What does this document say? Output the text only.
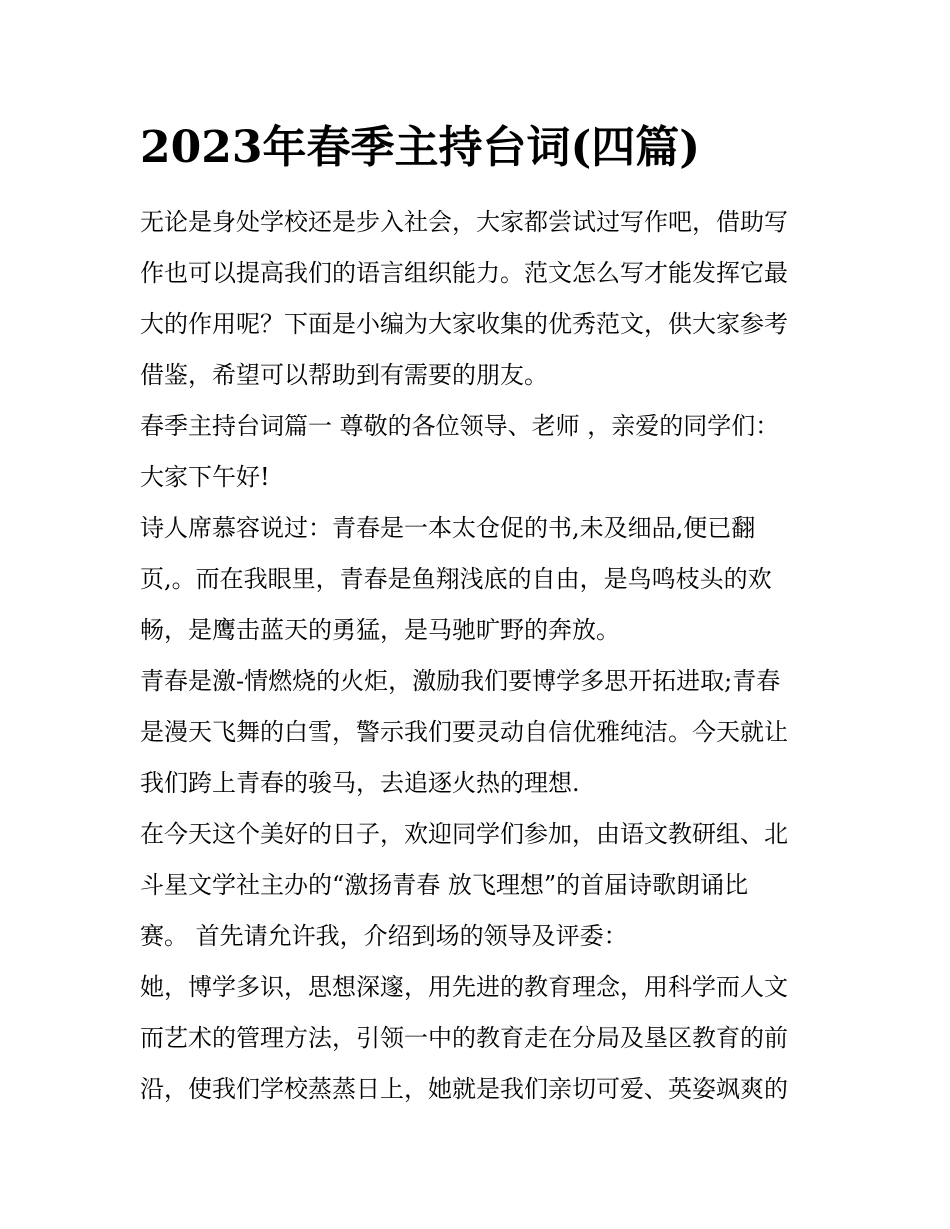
2023年春季主持台词(四篇)

无论是身处学校还是步入社会，大家都尝试过写作吧，借助写

作也可以提高我们的语言组织能力。范文怎么写才能发挥它最

大的作用呢？下面是小编为大家收集的优秀范文，供大家参考

借鉴，希望可以帮助到有需要的朋友。

春季主持台词篇一 尊敬的各位领导、老师 ，亲爱的同学们：

大家下午好!

诗人席慕容说过：青春是一本太仓促的书,未及细品,便已翻

页,。而在我眼里，青春是鱼翔浅底的自由，是鸟鸣枝头的欢

畅，是鹰击蓝天的勇猛，是马驰旷野的奔放。

青春是激-情燃烧的火炬，激励我们要博学多思开拓进取;青春

是漫天飞舞的白雪，警示我们要灵动自信优雅纯洁。今天就让

我们跨上青春的骏马，去追逐火热的理想.

在今天这个美好的日子，欢迎同学们参加，由语文教研组、北

斗星文学社主办的“激扬青春 放飞理想”的首届诗歌朗诵比

赛。 首先请允许我，介绍到场的领导及评委：

她，博学多识，思想深邃，用先进的教育理念，用科学而人文

而艺术的管理方法，引领一中的教育走在分局及垦区教育的前

沿，使我们学校蒸蒸日上，她就是我们亲切可爱、英姿飒爽的
